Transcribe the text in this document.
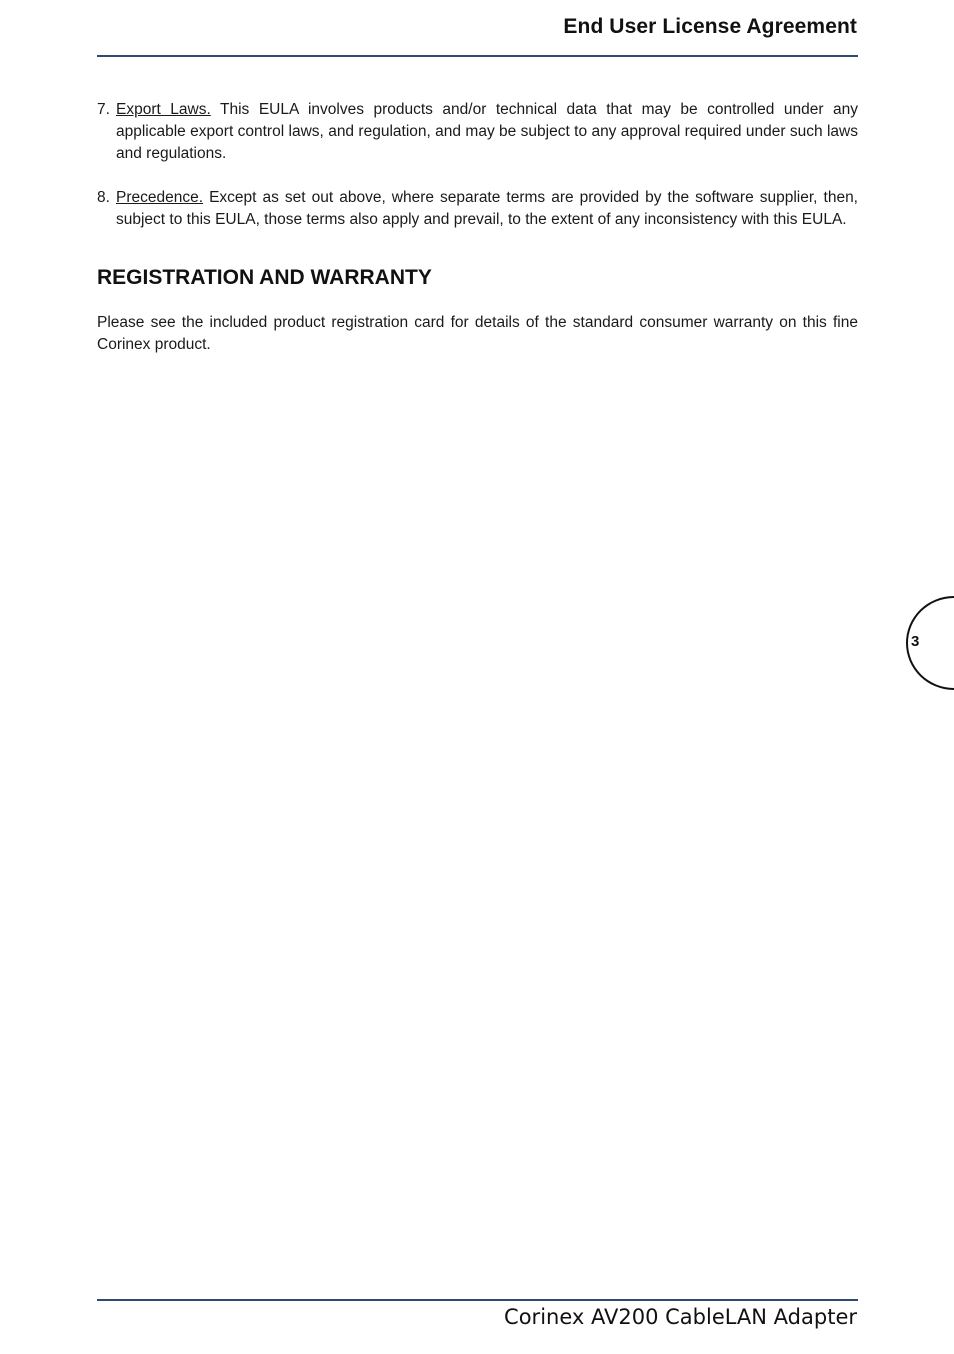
End User License Agreement
7. Export Laws. This EULA involves products and/or technical data that may be controlled under any applicable export control laws, and regulation, and may be subject to any approval required under such laws and regulations.
8. Precedence. Except as set out above, where separate terms are provided by the software supplier, then, subject to this EULA, those terms also apply and prevail, to the extent of any inconsistency with this EULA.
REGISTRATION AND WARRANTY
Please see the included product registration card for details of the standard consumer warranty on this fine Corinex product.
3
Corinex AV200 CableLAN Adapter
